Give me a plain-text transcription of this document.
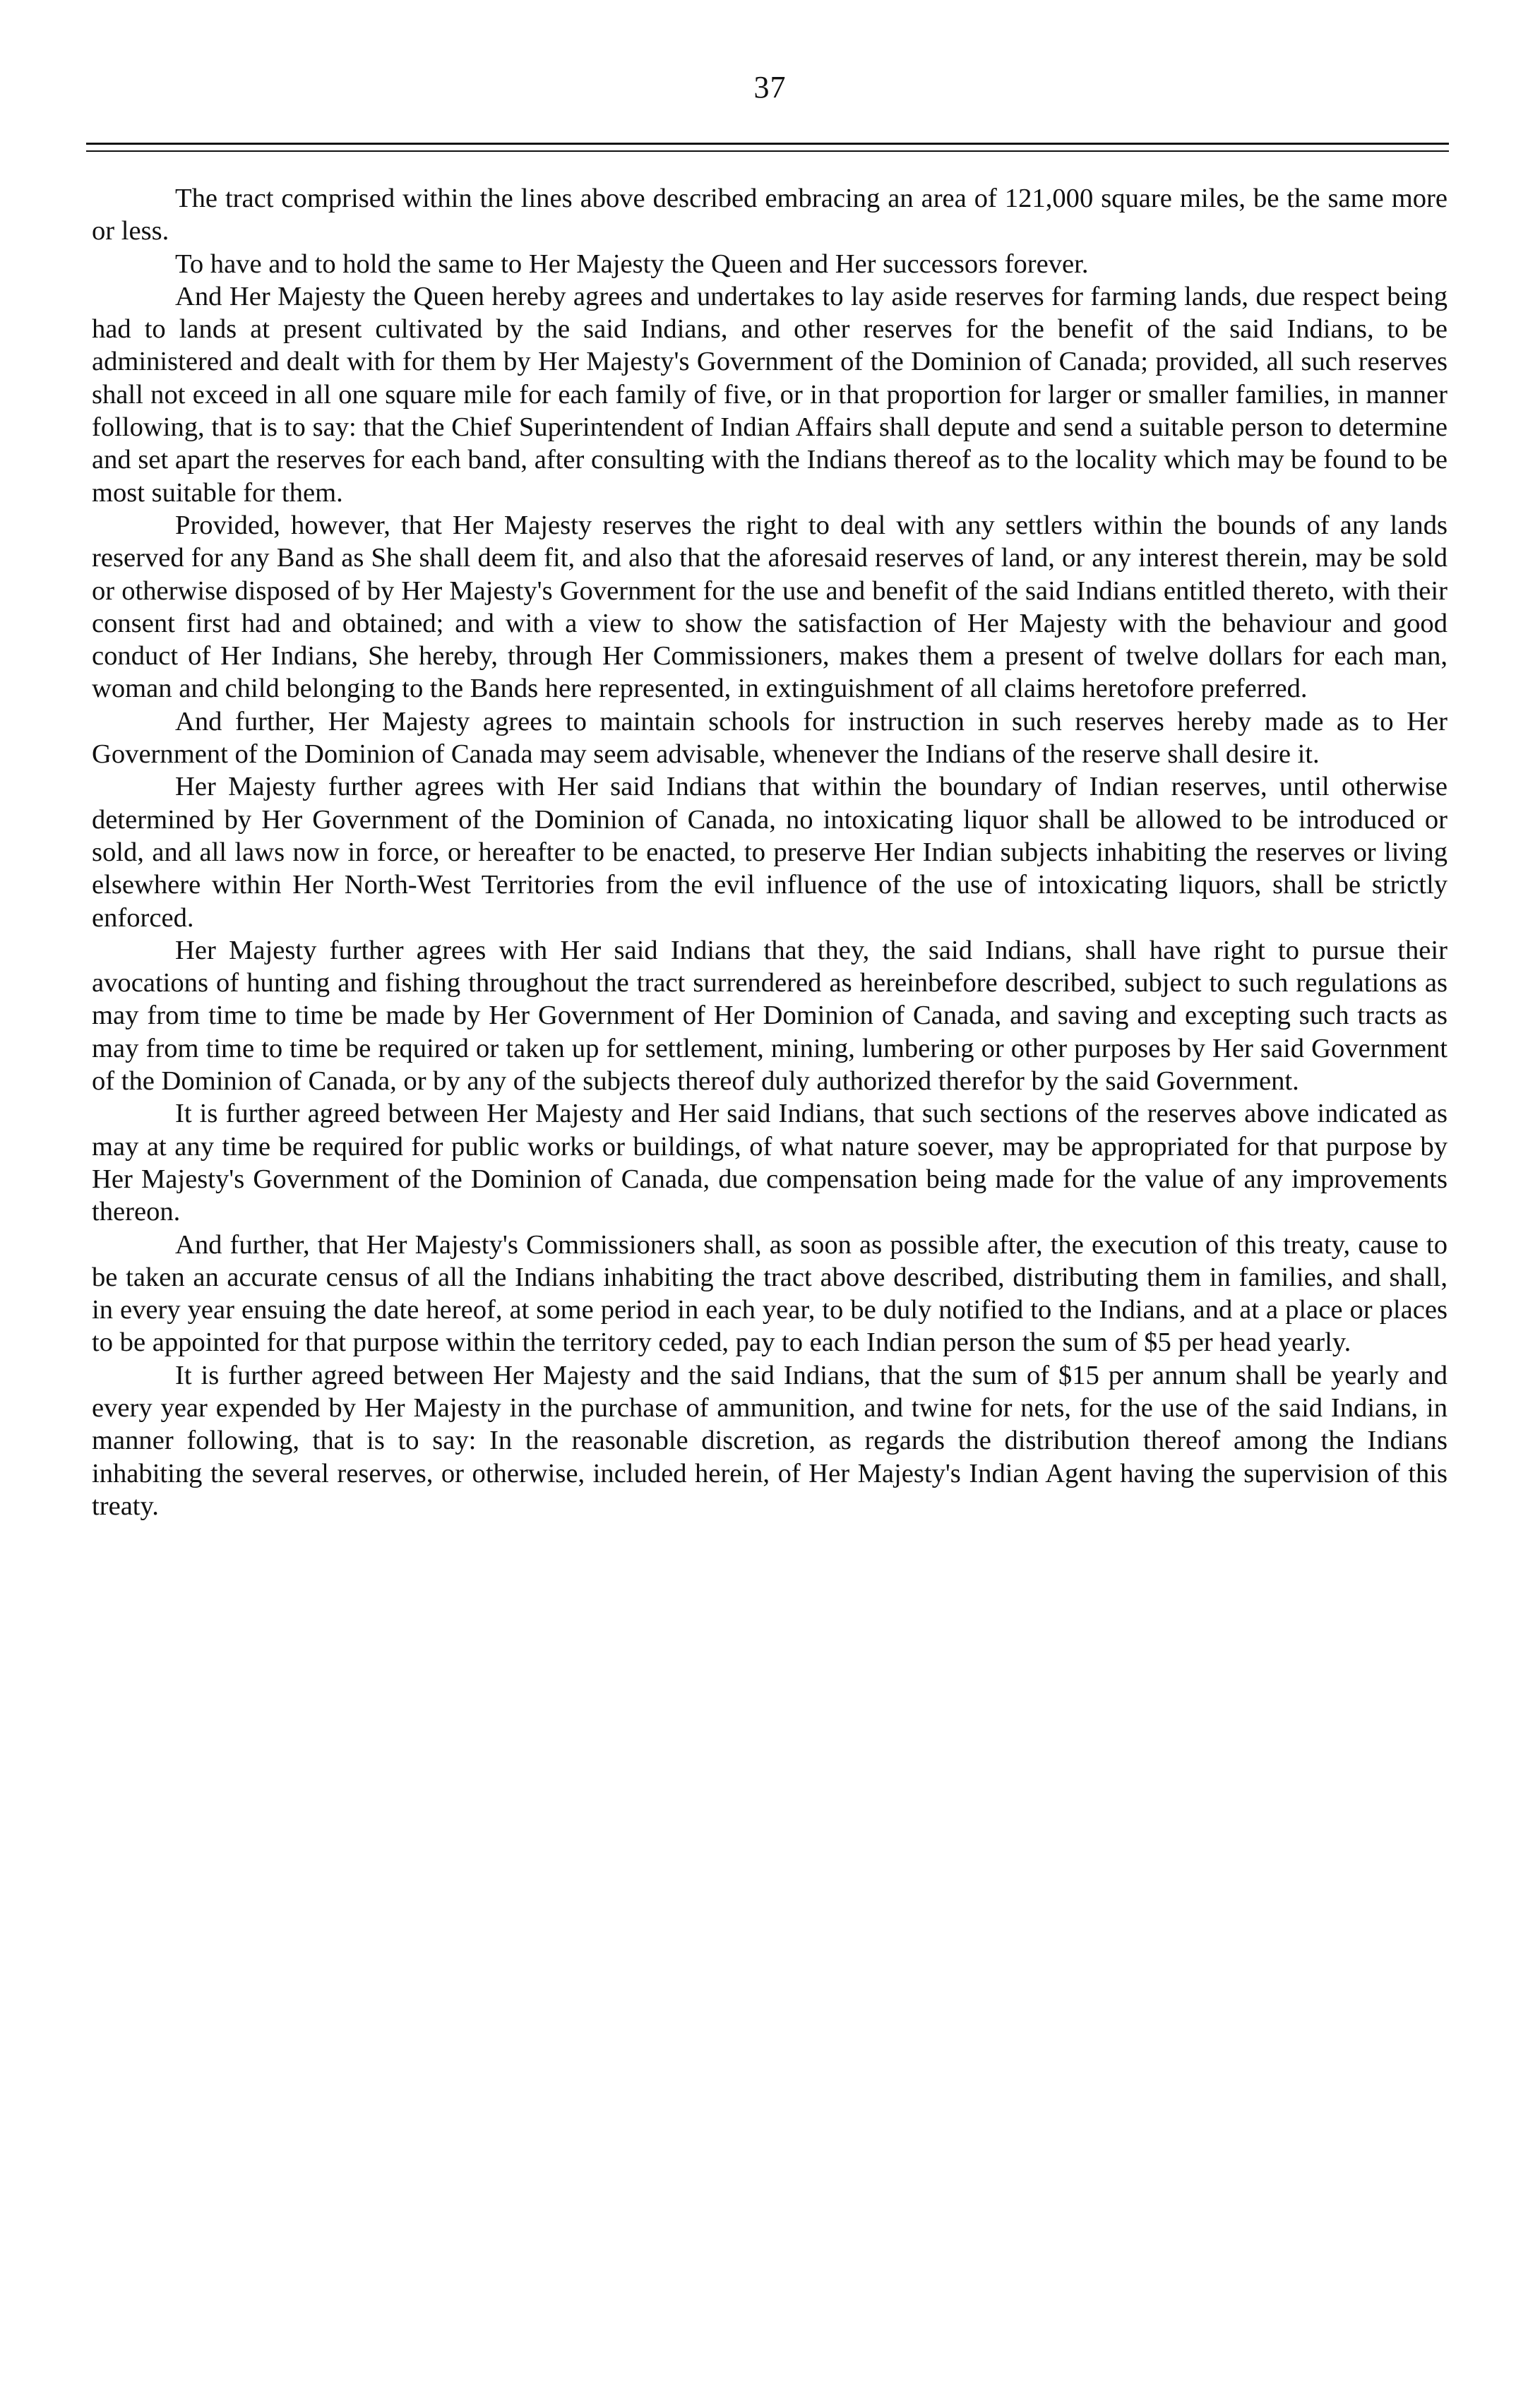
37

The tract comprised within the lines above described embracing an area of 121,000 square miles, be the same more or less.

To have and to hold the same to Her Majesty the Queen and Her successors forever.

And Her Majesty the Queen hereby agrees and undertakes to lay aside reserves for farming lands, due respect being had to lands at present cultivated by the said Indians, and other reserves for the benefit of the said Indians, to be administered and dealt with for them by Her Majesty's Government of the Dominion of Canada; provided, all such reserves shall not exceed in all one square mile for each family of five, or in that proportion for larger or smaller families, in manner following, that is to say: that the Chief Superintendent of Indian Affairs shall depute and send a suitable person to determine and set apart the reserves for each band, after consulting with the Indians thereof as to the locality which may be found to be most suitable for them.

Provided, however, that Her Majesty reserves the right to deal with any settlers within the bounds of any lands reserved for any Band as She shall deem fit, and also that the aforesaid reserves of land, or any interest therein, may be sold or otherwise disposed of by Her Majesty's Government for the use and benefit of the said Indians entitled thereto, with their consent first had and obtained; and with a view to show the satisfaction of Her Majesty with the behaviour and good conduct of Her Indians, She hereby, through Her Commissioners, makes them a present of twelve dollars for each man, woman and child belonging to the Bands here represented, in extinguishment of all claims heretofore preferred.

And further, Her Majesty agrees to maintain schools for instruction in such reserves hereby made as to Her Government of the Dominion of Canada may seem advisable, whenever the Indians of the reserve shall desire it.

Her Majesty further agrees with Her said Indians that within the boundary of Indian reserves, until otherwise determined by Her Government of the Dominion of Canada, no intoxicating liquor shall be allowed to be introduced or sold, and all laws now in force, or hereafter to be enacted, to preserve Her Indian subjects inhabiting the reserves or living elsewhere within Her North-West Territories from the evil influence of the use of intoxicating liquors, shall be strictly enforced.

Her Majesty further agrees with Her said Indians that they, the said Indians, shall have right to pursue their avocations of hunting and fishing throughout the tract surrendered as hereinbefore described, subject to such regulations as may from time to time be made by Her Government of Her Dominion of Canada, and saving and excepting such tracts as may from time to time be required or taken up for settlement, mining, lumbering or other purposes by Her said Government of the Dominion of Canada, or by any of the subjects thereof duly authorized therefor by the said Government.

It is further agreed between Her Majesty and Her said Indians, that such sections of the reserves above indicated as may at any time be required for public works or buildings, of what nature soever, may be appropriated for that purpose by Her Majesty's Government of the Dominion of Canada, due compensation being made for the value of any improvements thereon.

And further, that Her Majesty's Commissioners shall, as soon as possible after, the execution of this treaty, cause to be taken an accurate census of all the Indians inhabiting the tract above described, distributing them in families, and shall, in every year ensuing the date hereof, at some period in each year, to be duly notified to the Indians, and at a place or places to be appointed for that purpose within the territory ceded, pay to each Indian person the sum of $5 per head yearly.

It is further agreed between Her Majesty and the said Indians, that the sum of $15 per annum shall be yearly and every year expended by Her Majesty in the purchase of ammunition, and twine for nets, for the use of the said Indians, in manner following, that is to say: In the reasonable discretion, as regards the distribution thereof among the Indians inhabiting the several reserves, or otherwise, included herein, of Her Majesty's Indian Agent having the supervision of this treaty.
